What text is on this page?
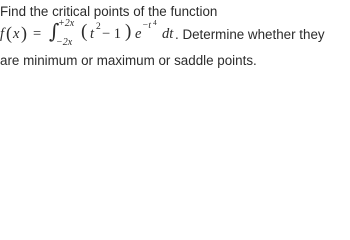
Find the critical points of the function
f ( x ) = ∫
+2x
−2x
( t 2 − 1 ) e −t 4
dt . Determine whether they
are minimum or maximum or saddle points.
